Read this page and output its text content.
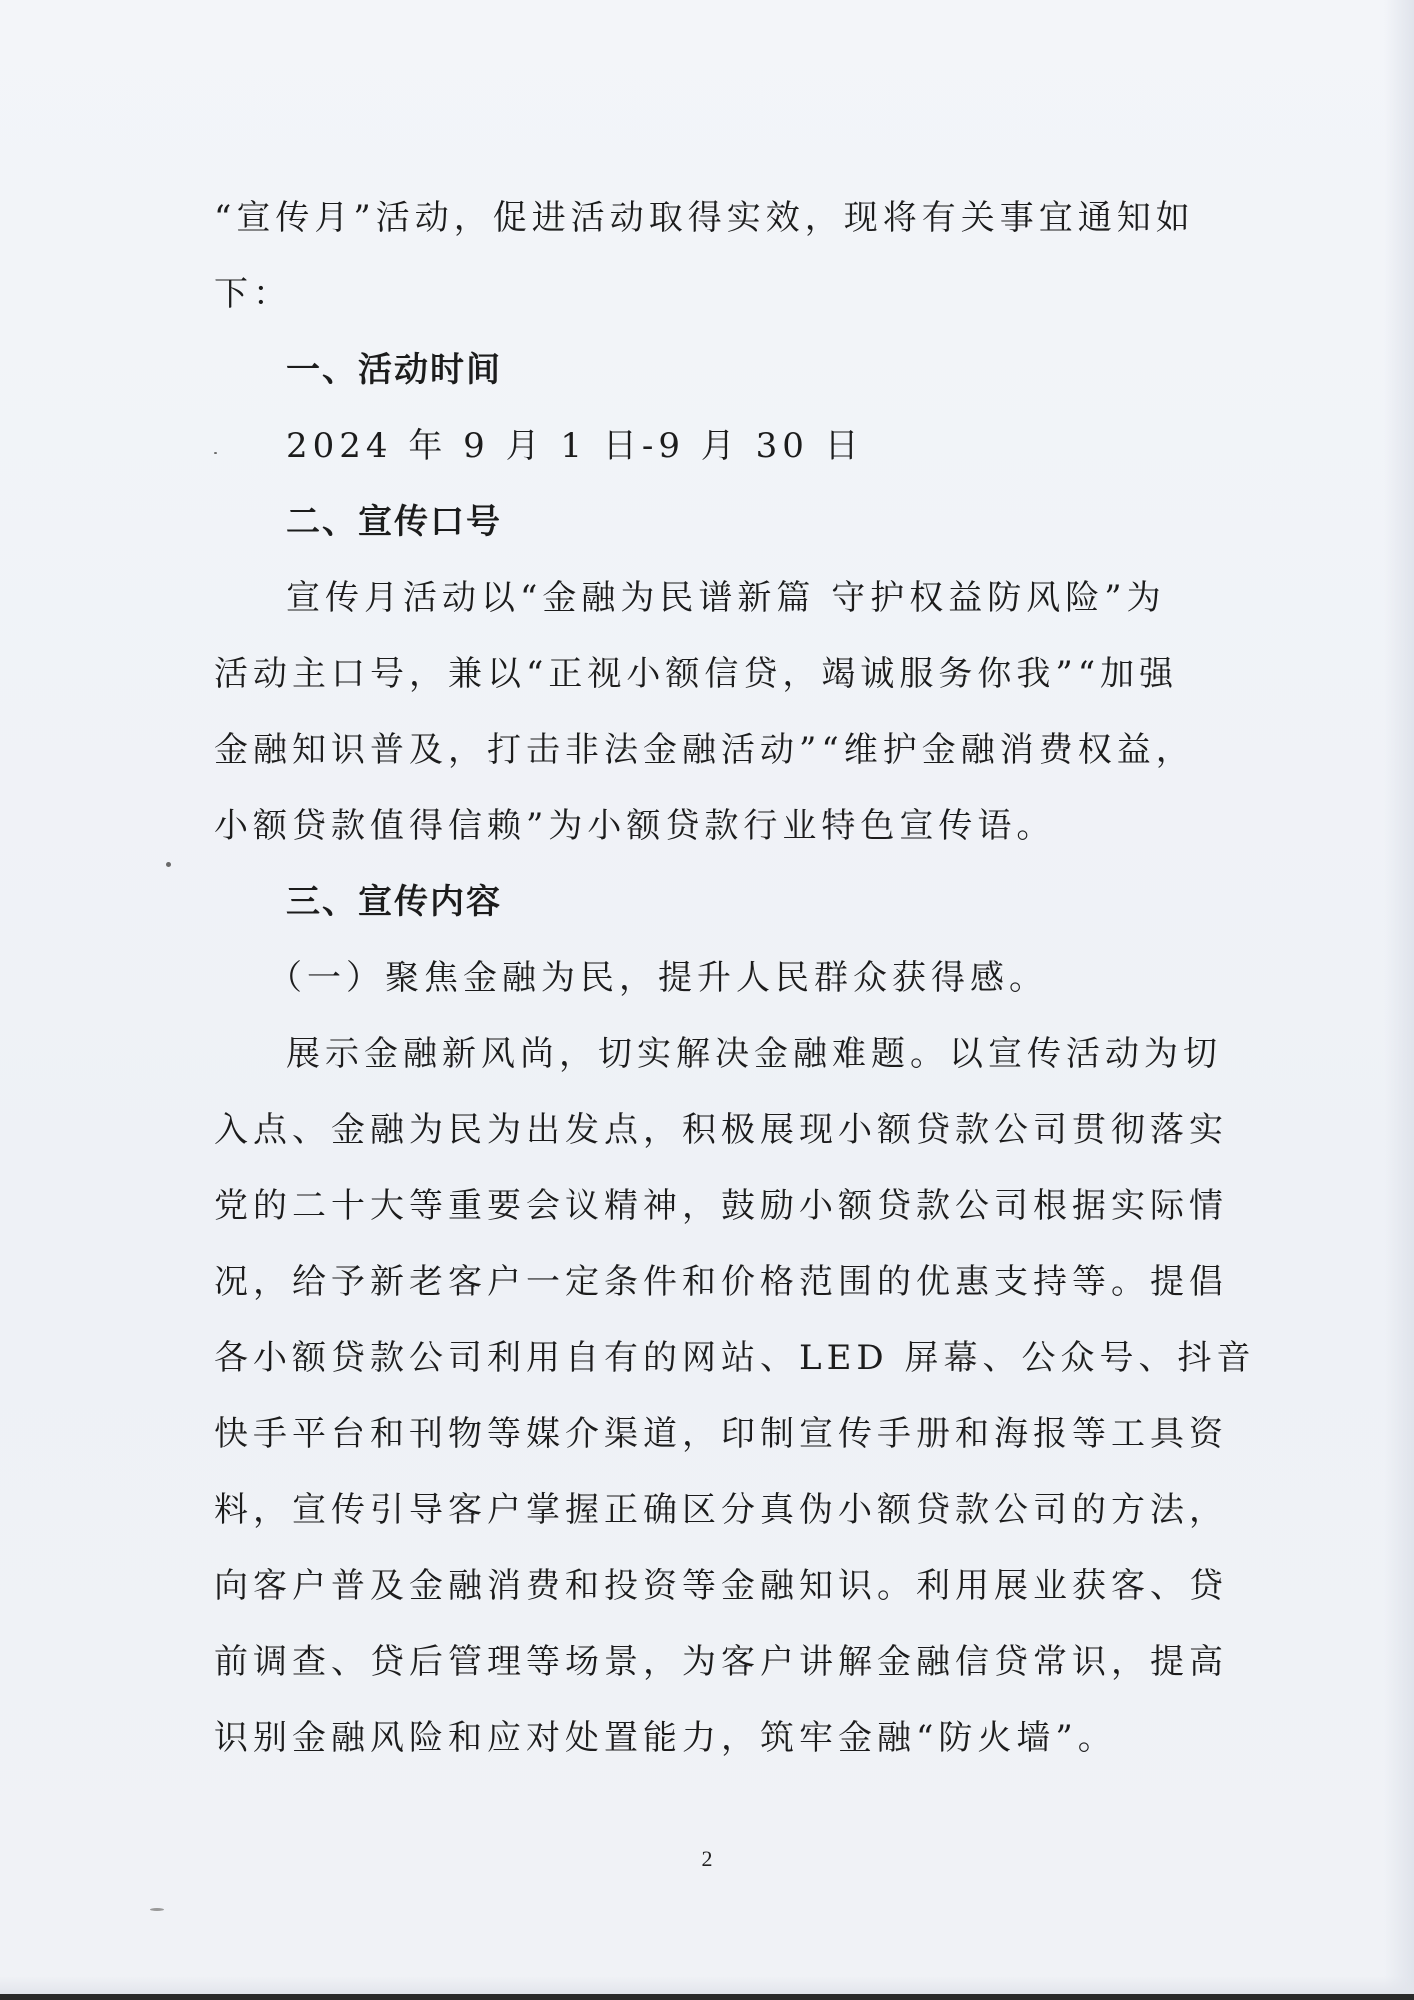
“宣传月”活动，促进活动取得实效，现将有关事宜通知如
下：
一、活动时间
2024 年 9 月 1 日-9 月 30 日
二、宣传口号
宣传月活动以“金融为民谱新篇 守护权益防风险”为
活动主口号，兼以“正视小额信贷，竭诚服务你我”“加强
金融知识普及，打击非法金融活动”“维护金融消费权益，
小额贷款值得信赖”为小额贷款行业特色宣传语。
三、宣传内容
（一）聚焦金融为民，提升人民群众获得感。
展示金融新风尚，切实解决金融难题。以宣传活动为切
入点、金融为民为出发点，积极展现小额贷款公司贯彻落实
党的二十大等重要会议精神，鼓励小额贷款公司根据实际情
况，给予新老客户一定条件和价格范围的优惠支持等。提倡
各小额贷款公司利用自有的网站、LED 屏幕、公众号、抖音
快手平台和刊物等媒介渠道，印制宣传手册和海报等工具资
料，宣传引导客户掌握正确区分真伪小额贷款公司的方法，
向客户普及金融消费和投资等金融知识。利用展业获客、贷
前调查、贷后管理等场景，为客户讲解金融信贷常识，提高
识别金融风险和应对处置能力，筑牢金融“防火墙”。
2
